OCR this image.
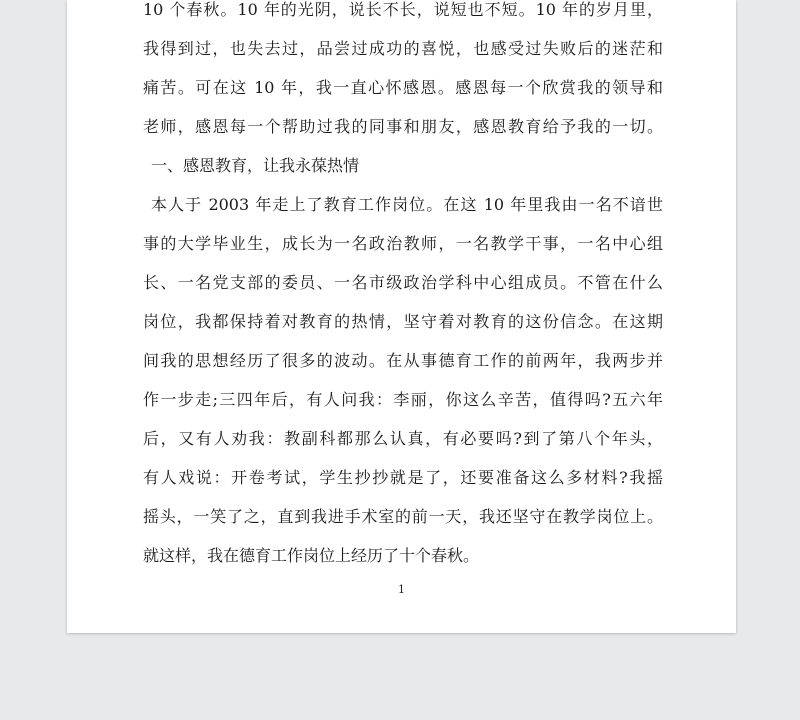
10 个春秋。10 年的光阴，说长不长，说短也不短。10 年的岁月里，
我得到过，也失去过，品尝过成功的喜悦，也感受过失败后的迷茫和
痛苦。可在这 10 年，我一直心怀感恩。感恩每一个欣赏我的领导和
老师，感恩每一个帮助过我的同事和朋友，感恩教育给予我的一切。
一、感恩教育，让我永葆热情
本人于 2003 年走上了教育工作岗位。在这 10 年里我由一名不谙世
事的大学毕业生，成长为一名政治教师，一名教学干事，一名中心组
长、一名党支部的委员、一名市级政治学科中心组成员。不管在什么
岗位，我都保持着对教育的热情，坚守着对教育的这份信念。在这期
间我的思想经历了很多的波动。在从事德育工作的前两年，我两步并
作一步走;三四年后，有人问我：李丽，你这么辛苦，值得吗?五六年
后，又有人劝我：教副科都那么认真，有必要吗?到了第八个年头，
有人戏说：开卷考试，学生抄抄就是了，还要准备这么多材料?我摇
摇头，一笑了之，直到我进手术室的前一天，我还坚守在教学岗位上。
就这样，我在德育工作岗位上经历了十个春秋。
1
